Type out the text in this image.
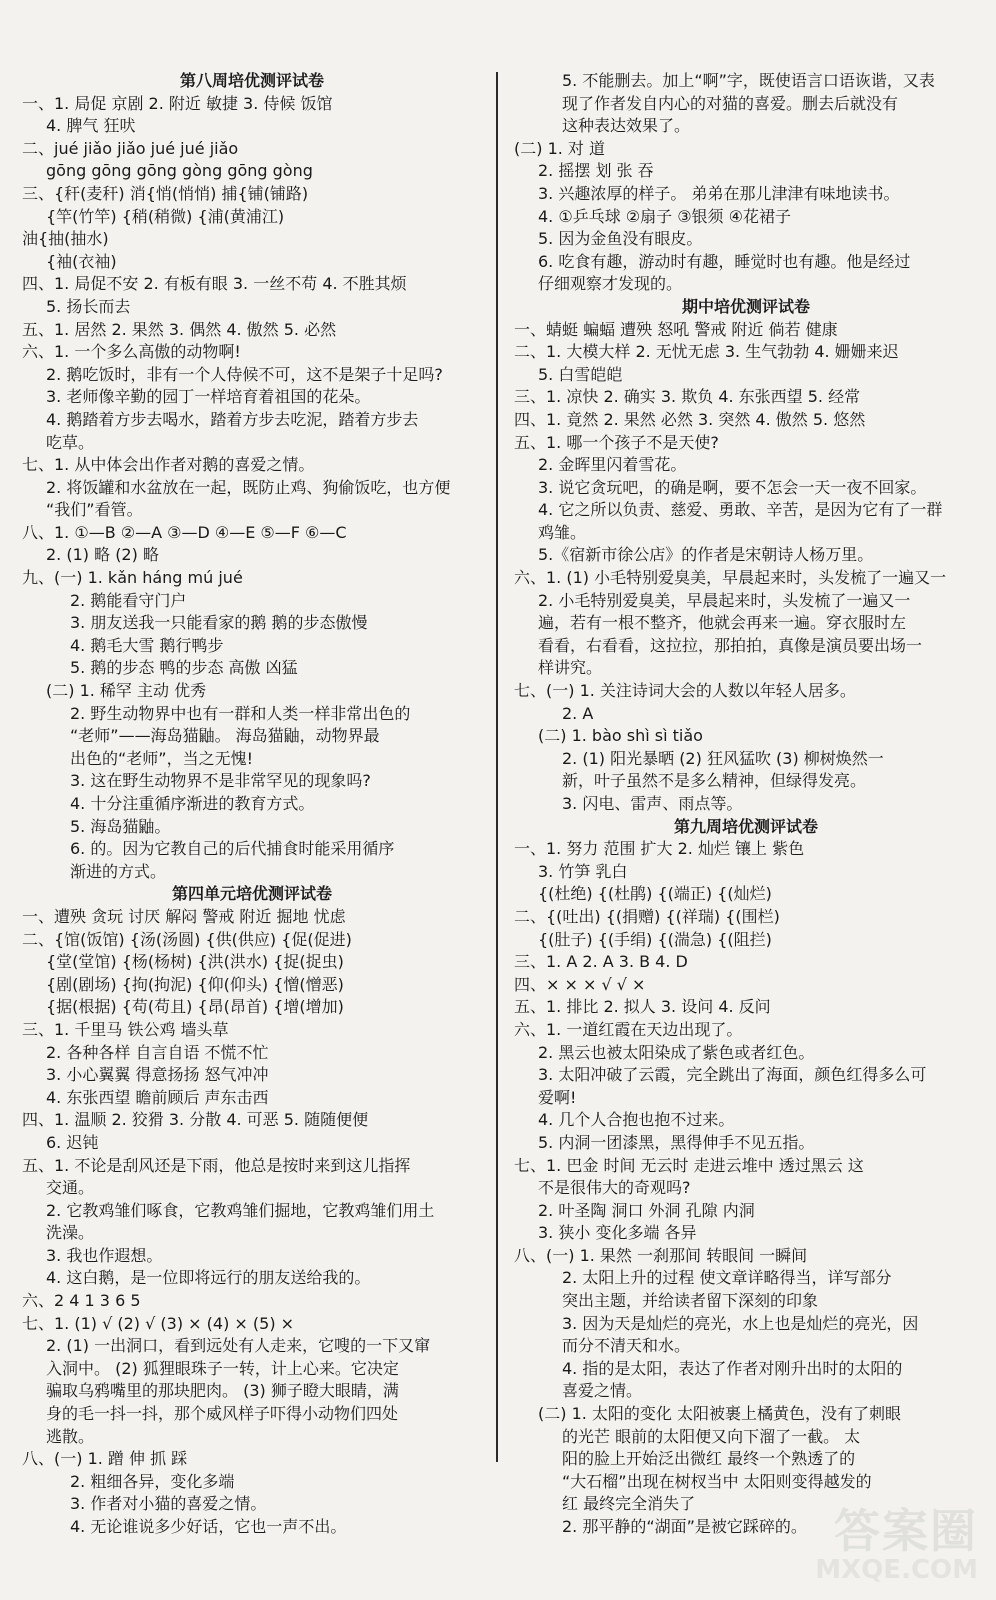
第八周培优测评试卷
一、1. 局促 京剧 2. 附近 敏捷 3. 侍候 饭馆
4. 脾气 狂吠
二、jué jiǎo jiǎo jué jué jiǎo
gōng gōng gōng gòng gōng gòng
三、{秆(麦秆) 消{悄(悄悄) 捕{铺(铺路)
{竿(竹竿) {稍(稍微) {浦(黄浦江)
油{抽(抽水)
{袖(衣袖)
四、1. 局促不安 2. 有板有眼 3. 一丝不苟 4. 不胜其烦
5. 扬长而去
五、1. 居然 2. 果然 3. 偶然 4. 傲然 5. 必然
六、1. 一个多么高傲的动物啊!
2. 鹅吃饭时，非有一个人侍候不可，这不是架子十足吗?
3. 老师像辛勤的园丁一样培育着祖国的花朵。
4. 鹅踏着方步去喝水，踏着方步去吃泥，踏着方步去
吃草。
七、1. 从中体会出作者对鹅的喜爱之情。
2. 将饭罐和水盆放在一起，既防止鸡、狗偷饭吃，也方便
“我们”看管。
八、1. ①—B ②—A ③—D ④—E ⑤—F ⑥—C
2. (1) 略 (2) 略
九、(一) 1. kǎn háng mú jué
2. 鹅能看守门户
3. 朋友送我一只能看家的鹅 鹅的步态傲慢
4. 鹅毛大雪 鹅行鸭步
5. 鹅的步态 鸭的步态 高傲 凶猛
(二) 1. 稀罕 主动 优秀
2. 野生动物界中也有一群和人类一样非常出色的
“老师”——海岛猫鼬。 海岛猫鼬，动物界最
出色的“老师”，当之无愧!
3. 这在野生动物界不是非常罕见的现象吗?
4. 十分注重循序渐进的教育方式。
5. 海岛猫鼬。
6. 的。因为它教自己的后代捕食时能采用循序
渐进的方式。
第四单元培优测评试卷
一、遭殃 贪玩 讨厌 解闷 警戒 附近 掘地 忧虑
二、{馆(饭馆) {汤(汤圆) {供(供应) {促(促进)
{堂(堂馆) {杨(杨树) {洪(洪水) {捉(捉虫)
{剧(剧场) {拘(拘泥) {仰(仰头) {憎(憎恶)
{据(根据) {苟(苟且) {昂(昂首) {增(增加)
三、1. 千里马 铁公鸡 墙头草
2. 各种各样 自言自语 不慌不忙
3. 小心翼翼 得意扬扬 怒气冲冲
4. 东张西望 瞻前顾后 声东击西
四、1. 温顺 2. 狡猾 3. 分散 4. 可恶 5. 随随便便
6. 迟钝
五、1. 不论是刮风还是下雨，他总是按时来到这儿指挥
交通。
2. 它教鸡雏们啄食，它教鸡雏们掘地，它教鸡雏们用土
洗澡。
3. 我也作遐想。
4. 这白鹅，是一位即将远行的朋友送给我的。
六、2 4 1 3 6 5
七、1. (1) √ (2) √ (3) × (4) × (5) ×
2. (1) 一出洞口，看到远处有人走来，它嗖的一下又窜
入洞中。 (2) 狐狸眼珠子一转，计上心来。它决定
骗取乌鸦嘴里的那块肥肉。 (3) 狮子瞪大眼睛，满
身的毛一抖一抖，那个威风样子吓得小动物们四处
逃散。
八、(一) 1. 蹭 伸 抓 踩
2. 粗细各异，变化多端
3. 作者对小猫的喜爱之情。
4. 无论谁说多少好话，它也一声不出。
5. 不能删去。加上“啊”字，既使语言口语诙谐，又表
现了作者发自内心的对猫的喜爱。删去后就没有
这种表达效果了。
(二) 1. 对 道
2. 摇摆 划 张 吞
3. 兴趣浓厚的样子。 弟弟在那儿津津有味地读书。
4. ①乒乓球 ②扇子 ③银须 ④花裙子
5. 因为金鱼没有眼皮。
6. 吃食有趣，游动时有趣，睡觉时也有趣。他是经过
仔细观察才发现的。
期中培优测评试卷
一、蜻蜓 蝙蝠 遭殃 怒吼 警戒 附近 倘若 健康
二、1. 大模大样 2. 无忧无虑 3. 生气勃勃 4. 姗姗来迟
5. 白雪皑皑
三、1. 凉快 2. 确实 3. 欺负 4. 东张西望 5. 经常
四、1. 竟然 2. 果然 必然 3. 突然 4. 傲然 5. 悠然
五、1. 哪一个孩子不是天使?
2. 金晖里闪着雪花。
3. 说它贪玩吧，的确是啊，要不怎会一天一夜不回家。
4. 它之所以负责、慈爱、勇敢、辛苦，是因为它有了一群
鸡雏。
5.《宿新市徐公店》的作者是宋朝诗人杨万里。
六、1. (1) 小毛特别爱臭美，早晨起来时，头发梳了一遍又一
2. 小毛特别爱臭美，早晨起来时，头发梳了一遍又一
遍，若有一根不整齐，他就会再来一遍。穿衣服时左
看看，右看看，这拉拉，那拍拍，真像是演员要出场一
样讲究。
七、(一) 1. 关注诗词大会的人数以年轻人居多。
2. A
(二) 1. bào shì sì tiǎo
2. (1) 阳光暴晒 (2) 狂风猛吹 (3) 柳树焕然一
新，叶子虽然不是多么精神，但绿得发亮。
3. 闪电、雷声、雨点等。
第九周培优测评试卷
一、1. 努力 范围 扩大 2. 灿烂 镶上 紫色
3. 竹笋 乳白
{(杜绝) {(杜鹃) {(端正) {(灿烂)
二、{(吐出) {(捐赠) {(祥瑞) {(围栏)
{(肚子) {(手绢) {(湍急) {(阻拦)
三、1. A 2. A 3. B 4. D
四、× × × √ √ ×
五、1. 排比 2. 拟人 3. 设问 4. 反问
六、1. 一道红霞在天边出现了。
2. 黑云也被太阳染成了紫色或者红色。
3. 太阳冲破了云霞，完全跳出了海面，颜色红得多么可
爱啊!
4. 几个人合抱也抱不过来。
5. 内洞一团漆黑，黑得伸手不见五指。
七、1. 巴金 时间 无云时 走进云堆中 透过黑云 这
不是很伟大的奇观吗?
2. 叶圣陶 洞口 外洞 孔隙 内洞
3. 狭小 变化多端 各异
八、(一) 1. 果然 一刹那间 转眼间 一瞬间
2. 太阳上升的过程 使文章详略得当，详写部分
突出主题，并给读者留下深刻的印象
3. 因为天是灿烂的亮光，水上也是灿烂的亮光，因
而分不清天和水。
4. 指的是太阳，表达了作者对刚升出时的太阳的
喜爱之情。
(二) 1. 太阳的变化 太阳被裹上橘黄色，没有了刺眼
的光芒 眼前的太阳便又向下溜了一截。 太
阳的脸上开始泛出微红 最终一个熟透了的
“大石榴”出现在树杈当中 太阳则变得越发的
红 最终完全消失了
2. 那平静的“湖面”是被它踩碎的。 答案圈
MXQE.COM
